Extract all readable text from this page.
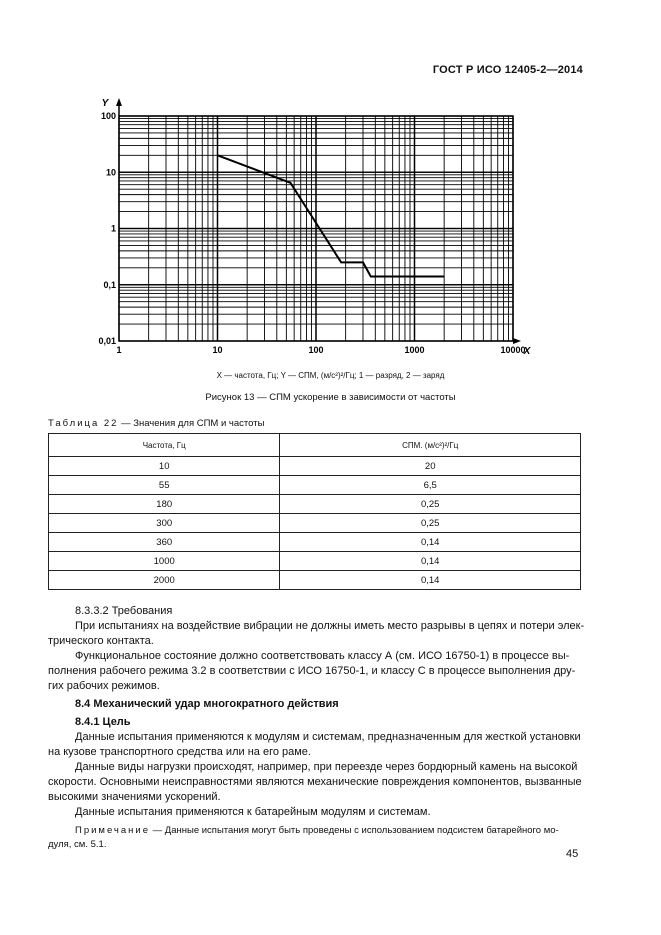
ГОСТ Р ИСО 12405-2—2014
1	10	100	1000	10000
100
10
1
0,1
0,01
Y
X
X — частота, Гц; Y — СПМ, (м/с²)²/Гц; 1 — разряд, 2 — заряд
Рисунок 13 — СПМ ускорение в зависимости от частоты
Таблица 22 — Значения для СПМ и частоты
Частота, Гц	СПМ. (м/с²)²/Гц
10	20
55	6,5
180	0,25
300	0,25
360	0,14
1000	0,14
2000	0,14
8.3.3.2 Требования
При испытаниях на воздействие вибрации не должны иметь место разрывы в цепях и потери элек-
трического контакта.
Функциональное состояние должно соответствовать классу А (см. ИСО 16750-1) в процессе вы-
полнения рабочего режима 3.2 в соответствии с ИСО 16750-1, и классу С в процессе выполнения дру-
гих рабочих режимов.
8.4 Механический удар многократного действия
8.4.1 Цель
Данные испытания применяются к модулям и системам, предназначенным для жесткой установки
на кузове транспортного средства или на его раме.
Данные виды нагрузки происходят, например, при переезде через бордюрный камень на высокой
скорости. Основными неисправностями являются механические повреждения компонентов, вызванные
высокими значениями ускорений.
Данные испытания применяются к батарейным модулям и системам.
Примечание — Данные испытания могут быть проведены с использованием подсистем батарейного мо-
дуля, см. 5.1.
45
